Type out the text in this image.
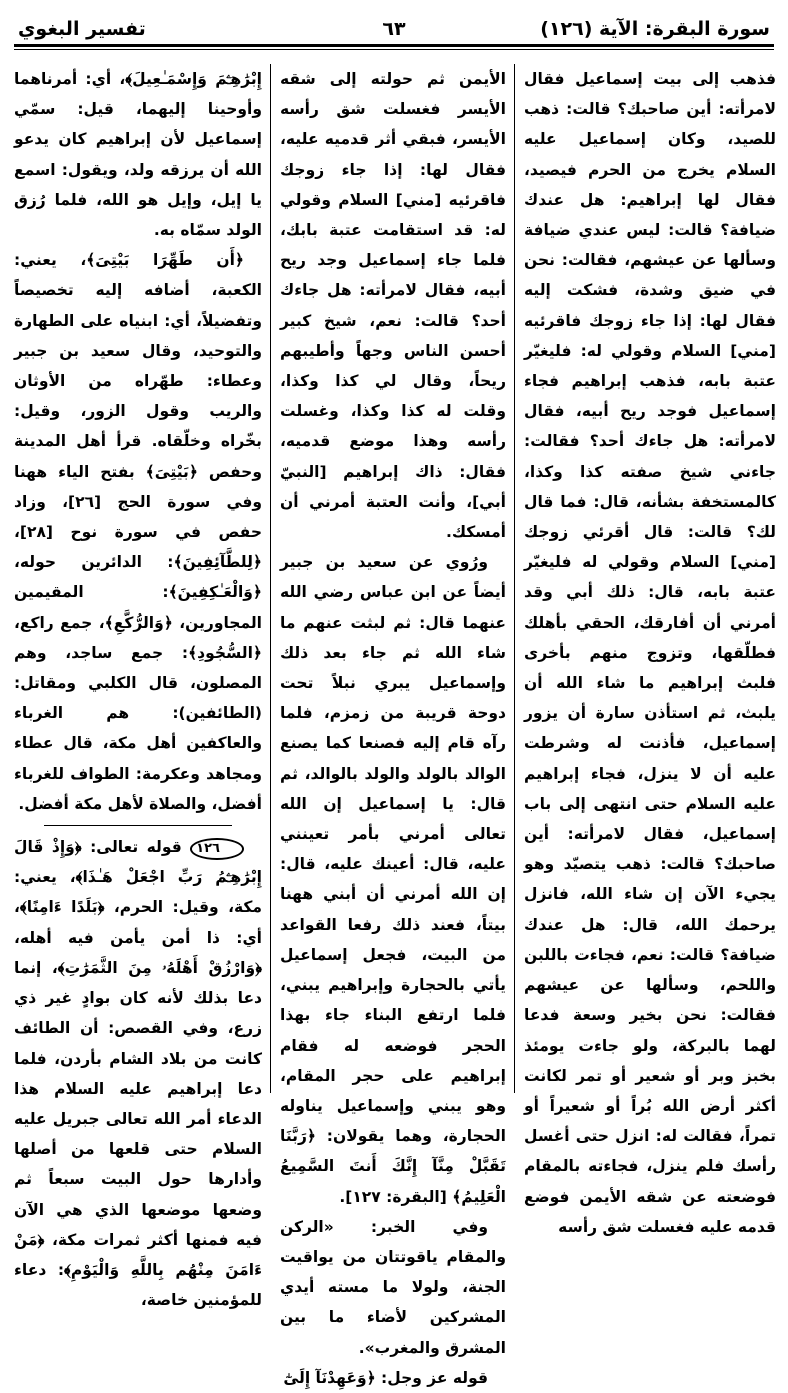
سورة البقرة: الآية (١٢٦)
٦٣
تفسير البغوي

فذهب إلى بيت إسماعيل فقال لامرأته: أين صاحبك؟ قالت: ذهب للصيد، وكان إسماعيل عليه السلام يخرج من الحرم فيصيد، فقال لها إبراهيم: هل عندك ضيافة؟ قالت: ليس عندي ضيافة وسألها عن عيشهم، فقالت: نحن في ضيق وشدة، فشكت إليه فقال لها: إذا جاء زوجك فاقرئيه [مني] السلام وقولي له: فليغيّر عتبة بابه، فذهب إبراهيم فجاء إسماعيل فوجد ريح أبيه، فقال لامرأته: هل جاءك أحد؟ فقالت: جاءني شيخ صفته كذا وكذا، كالمستخفة بشأنه، قال: فما قال لك؟ قالت: قال أقرئي زوجك [مني] السلام وقولي له فليغيّر عتبة بابه، قال: ذلك أبي وقد أمرني أن أفارقك، الحقي بأهلك فطلّقها، وتزوج منهم بأخرى فلبث إبراهيم ما شاء الله أن يلبث، ثم استأذن سارة أن يزور إسماعيل، فأذنت له وشرطت عليه أن لا ينزل، فجاء إبراهيم عليه السلام حتى انتهى إلى باب إسماعيل، فقال لامرأته: أين صاحبك؟ قالت: ذهب يتصيّد وهو يجيء الآن إن شاء الله، فانزل يرحمك الله، قال: هل عندك ضيافة؟ قالت: نعم، فجاءت باللبن واللحم، وسألها عن عيشهم فقالت: نحن بخير وسعة فدعا لهما بالبركة، ولو جاءت يومئذ بخبز وبر أو شعير أو تمر لكانت أكثر أرض الله بُراً أو شعيراً أو تمراً، فقالت له: انزل حتى أغسل رأسك فلم ينزل، فجاءته بالمقام فوضعته عن شقه الأيمن فوضع قدمه عليه فغسلت شق رأسه

الأيمن ثم حولته إلى شقه الأيسر فغسلت شق رأسه الأيسر، فبقي أثر قدميه عليه، فقال لها: إذا جاء زوجك فاقرئيه [مني] السلام وقولي له: قد استقامت عتبة بابك، فلما جاء إسماعيل وجد ريح أبيه، فقال لامرأته: هل جاءك أحد؟ قالت: نعم، شيخ كبير أحسن الناس وجهاً وأطيبهم ريحاً، وقال لي كذا وكذا، وقلت له كذا وكذا، وغسلت رأسه وهذا موضع قدميه، فقال: ذاك إبراهيم [النبيّ أبي]، وأنت العتبة أمرني أن أمسكك.

ورُوي عن سعيد بن جبير أيضاً عن ابن عباس رضي الله عنهما قال: ثم لبثت عنهم ما شاء الله ثم جاء بعد ذلك وإسماعيل يبري نبلاً تحت دوحة قريبة من زمزم، فلما رآه قام إليه فصنعا كما يصنع الوالد بالولد والولد بالوالد، ثم قال: يا إسماعيل إن الله تعالى أمرني بأمر تعينني عليه، قال: أعينك عليه، قال: إن الله أمرني أن أبني ههنا بيتاً، فعند ذلك رفعا القواعد من البيت، فجعل إسماعيل يأتي بالحجارة وإبراهيم يبني، فلما ارتفع البناء جاء بهذا الحجر فوضعه له فقام إبراهيم على حجر المقام، وهو يبني وإسماعيل يناوله الحجارة، وهما يقولان: ﴿رَبَّنَا تَقَبَّلْ مِنَّآ إِنَّكَ أَنتَ السَّمِيعُ الْعَلِيمُ﴾ [البقرة: ١٢٧].

وفي الخبر: «الركن والمقام ياقوتتان من يواقيت الجنة، ولولا ما مسته أيدي المشركين لأضاء ما بين المشرق والمغرب».

قوله عز وجل: ﴿وَعَهِدْنَآ إِلَىٰٓ

إِبْرَٰهِـۧمَ وَإِسْمَـٰعِيلَ﴾، أي: أمرناهما وأوحينا إليهما، قيل: سمّي إسماعيل لأن إبراهيم كان يدعو الله أن يرزقه ولد، ويقول: اسمع يا إيل، وإيل هو الله، فلما رُزق الولد سمّاه به.

﴿أَن طَهِّرَا بَيْتِىَ﴾، يعني: الكعبة، أضافه إليه تخصيصاً وتفضيلاً، أي: ابنياه على الطهارة والتوحيد، وقال سعيد بن جبير وعطاء: طهّراه من الأوثان والريب وقول الزور، وقيل: بخّراه وخلّقاه. قرأ أهل المدينة وحفص ﴿بَيْتِىَ﴾ بفتح الياء ههنا وفي سورة الحج [٢٦]، وزاد حفص في سورة نوح [٢٨]، ﴿لِلطَّآئِفِينَ﴾: الدائرين حوله، ﴿وَالْعَـٰكِفِينَ﴾: المقيمين المجاورين، ﴿وَالرُّكَّعِ﴾، جمع راكع، ﴿السُّجُودِ﴾: جمع ساجد، وهم المصلون، قال الكلبي ومقاتل: (الطائفين): هم الغرباء والعاكفين أهل مكة، قال عطاء ومجاهد وعكرمة: الطواف للغرباء أفضل، والصلاة لأهل مكة أفضل.

١٢٦ قوله تعالى: ﴿وَإِذْ قَالَ إِبْرَٰهِـۧمُ رَبِّ اجْعَلْ هَـٰذَا﴾، يعني: مكة، وقيل: الحرم، ﴿بَلَدًا ءَامِنًا﴾، أي: ذا أمن يأمن فيه أهله، ﴿وَارْزُقْ أَهْلَهُۥ مِنَ الثَّمَرَٰتِ﴾، إنما دعا بذلك لأنه كان بوادٍ غير ذي زرع، وفي القصص: أن الطائف كانت من بلاد الشام بأردن، فلما دعا إبراهيم عليه السلام هذا الدعاء أمر الله تعالى جبريل عليه السلام حتى قلعها من أصلها وأدارها حول البيت سبعاً ثم وضعها موضعها الذي هي الآن فيه فمنها أكثر ثمرات مكة، ﴿مَنْ ءَامَنَ مِنْهُم بِاللَّهِ وَالْيَوْمِ﴾: دعاء للمؤمنين خاصة،
